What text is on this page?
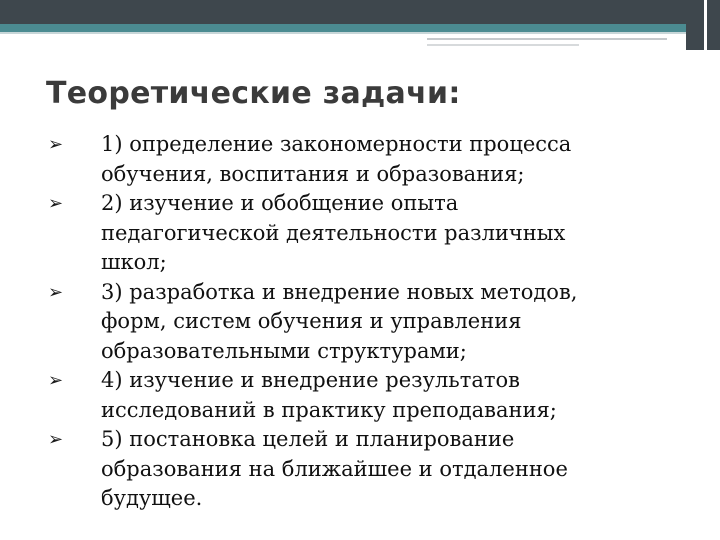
Теоретические задачи:
➢	1) определение закономерности процесса
обучения, воспитания и образования;
➢	2) изучение и обобщение опыта
педагогической деятельности различных
школ;
➢	3) разработка и внедрение новых методов,
форм, систем обучения и управления
образовательными структурами;
➢	4) изучение и внедрение результатов
исследований в практику преподавания;
➢	5) постановка целей и планирование
образования на ближайшее и отдаленное
будущее.
